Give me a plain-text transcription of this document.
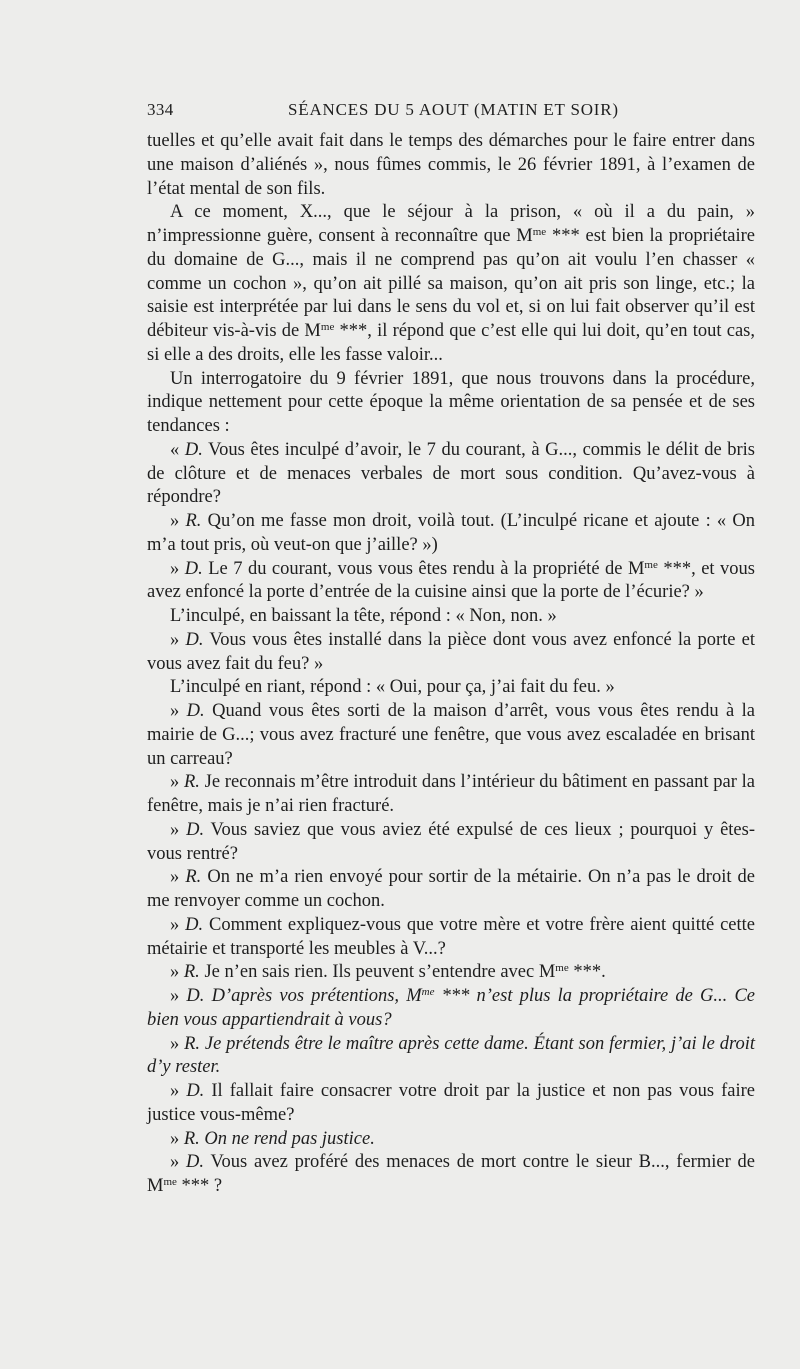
334	SÉANCES DU 5 AOUT (MATIN ET SOIR)

tuelles et qu’elle avait fait dans le temps des démarches pour le faire entrer dans une maison d’aliénés », nous fûmes commis, le 26 février 1891, à l’examen de l’état mental de son fils.

A ce moment, X..., que le séjour à la prison, « où il a du pain, » n’impressionne guère, consent à reconnaître que $M^{me}$ *** est bien la propriétaire du domaine de G..., mais il ne comprend pas qu’on ait voulu l’en chasser « comme un cochon », qu’on ait pillé sa maison, qu’on ait pris son linge, etc.; la saisie est interprétée par lui dans le sens du vol et, si on lui fait observer qu’il est débiteur vis-à-vis de $M^{me}$ ***, il répond que c’est elle qui lui doit, qu’en tout cas, si elle a des droits, elle les fasse valoir...

Un interrogatoire du 9 février 1891, que nous trouvons dans la procédure, indique nettement pour cette époque la même orientation de sa pensée et de ses tendances :

« D. Vous êtes inculpé d’avoir, le 7 du courant, à G..., commis le délit de bris de clôture et de menaces verbales de mort sous condition. Qu’avez-vous à répondre?

» R. Qu’on me fasse mon droit, voilà tout. (L’inculpé ricane et ajoute : « On m’a tout pris, où veut-on que j’aille? »)

» D. Le 7 du courant, vous vous êtes rendu à la propriété de $M^{me}$ ***, et vous avez enfoncé la porte d’entrée de la cuisine ainsi que la porte de l’écurie? »

L’inculpé, en baissant la tête, répond : « Non, non. »

» D. Vous vous êtes installé dans la pièce dont vous avez enfoncé la porte et vous avez fait du feu? »

L’inculpé en riant, répond : « Oui, pour ça, j’ai fait du feu. »

» D. Quand vous êtes sorti de la maison d’arrêt, vous vous êtes rendu à la mairie de G...; vous avez fracturé une fenêtre, que vous avez escaladée en brisant un carreau?

» R. Je reconnais m’être introduit dans l’intérieur du bâtiment en passant par la fenêtre, mais je n’ai rien fracturé.

» D. Vous saviez que vous aviez été expulsé de ces lieux ; pourquoi y êtes-vous rentré?

» R. On ne m’a rien envoyé pour sortir de la métairie. On n’a pas le droit de me renvoyer comme un cochon.

» D. Comment expliquez-vous que votre mère et votre frère aient quitté cette métairie et transporté les meubles à V...?

» R. Je n’en sais rien. Ils peuvent s’entendre avec $M^{me}$ ***.

» D. D’après vos prétentions, $M^{me}$ *** n’est plus la propriétaire de G... Ce bien vous appartiendrait à vous?

» R. Je prétends être le maître après cette dame. Étant son fermier, j’ai le droit d’y rester.

» D. Il fallait faire consacrer votre droit par la justice et non pas vous faire justice vous-même?

» R. On ne rend pas justice.

» D. Vous avez proféré des menaces de mort contre le sieur B..., fermier de $M^{me}$ *** ?
